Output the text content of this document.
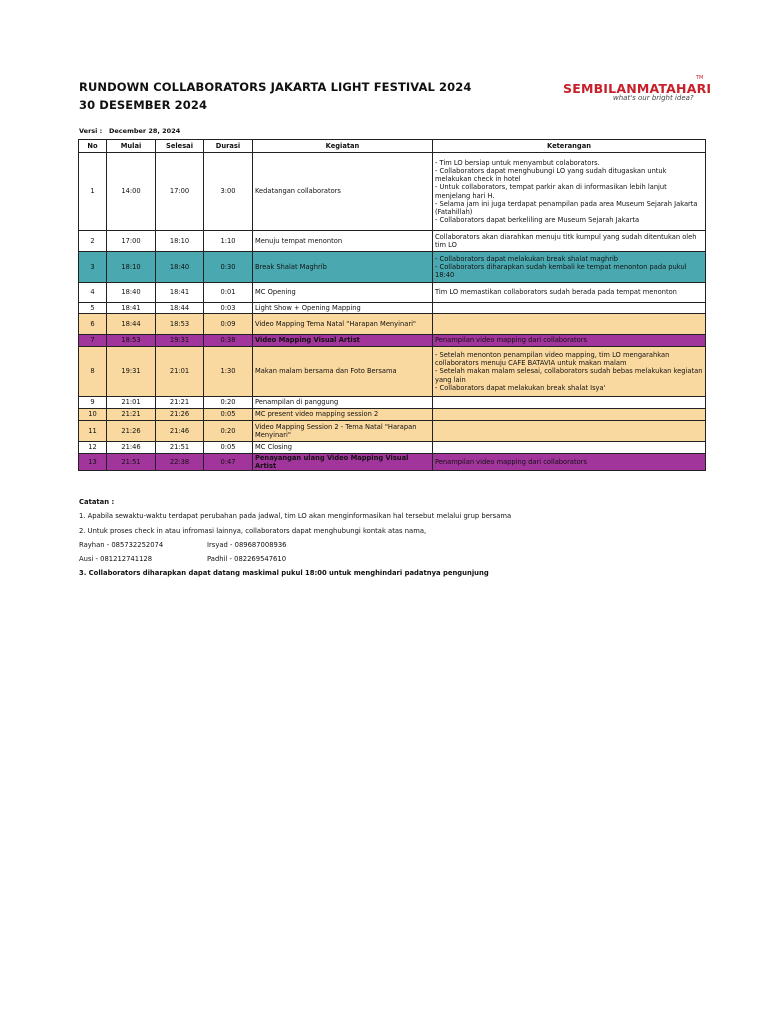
RUNDOWN COLLABORATORS JAKARTA LIGHT FESTIVAL 2024
30 DESEMBER 2024
SEMBILANMATAHARI
TM
what's our bright idea?
Versi : December 28, 2024
No	Mulai	Selesai	Durasi	Kegiatan	Keterangan
1	14:00	17:00	3:00	Kedatangan collaborators	- Tim LO bersiap untuk menyambut colaborators.
- Collaborators dapat menghubungi LO yang sudah ditugaskan untuk melakukan check in hotel
- Untuk collaborators, tempat parkir akan di informasikan lebih lanjut menjelang hari H.
- Selama jam ini juga terdapat penampilan pada area Museum Sejarah Jakarta (Fatahillah)
- Collaborators dapat berkeliling are Museum Sejarah Jakarta

2	17:00	18:10	1:10	Menuju tempat menonton	Collaborators akan diarahkan menuju titk kumpul yang sudah ditentukan oleh tim LO

3	18:10	18:40	0:30	Break Shalat Maghrib	- Collaborators dapat melakukan break shalat maghrib
- Collaborators diharapkan sudah kembali ke tempat menonton pada pukul 18:40

4	18:40	18:41	0:01	MC Opening	Tim LO memastikan collaborators sudah berada pada tempat menonton

5	18:41	18:44	0:03	Light Show + Opening Mapping	
6	18:44	18:53	0:09	Video Mapping Tema Natal "Harapan Menyinari"	
7	18:53	19:31	0:38	Video Mapping Visual Artist	Penampilan video mapping dari collaborators

8	19:31	21:01	1:30	Makan malam bersama dan Foto Bersama	- Setelah menonton penampilan video mapping, tim LO mengarahkan collaborators menuju CAFE BATAVIA untuk makan malam
- Setelah makan malam selesai, collaborators sudah bebas melakukan kegiatan yang lain
- Collaborators dapat melakukan break shalat Isya'

9	21:01	21:21	0:20	Penampilan di panggung	
10	21:21	21:26	0:05	MC present video mapping session 2	
11	21:26	21:46	0:20	Video Mapping Session 2 - Tema Natal "Harapan Menyinari"	
12	21:46	21:51	0:05	MC Closing	
13	21:51	22:38	0:47	Penayangan ulang Video Mapping Visual Artist	Penampilan video mapping dari collaborators
Catatan :
1. Apabila sewaktu-waktu terdapat perubahan pada jadwal, tim LO akan menginformasikan hal tersebut melalui grup bersama
2. Untuk proses check in atau infromasi lainnya, collaborators dapat menghubungi kontak atas nama,
Rayhan - 085732252074	Irsyad - 089687008936
Ausi - 081212741128	Padhil - 082269547610
3. Collaborators diharapkan dapat datang maskimal pukul 18:00 untuk menghindari padatnya pengunjung
